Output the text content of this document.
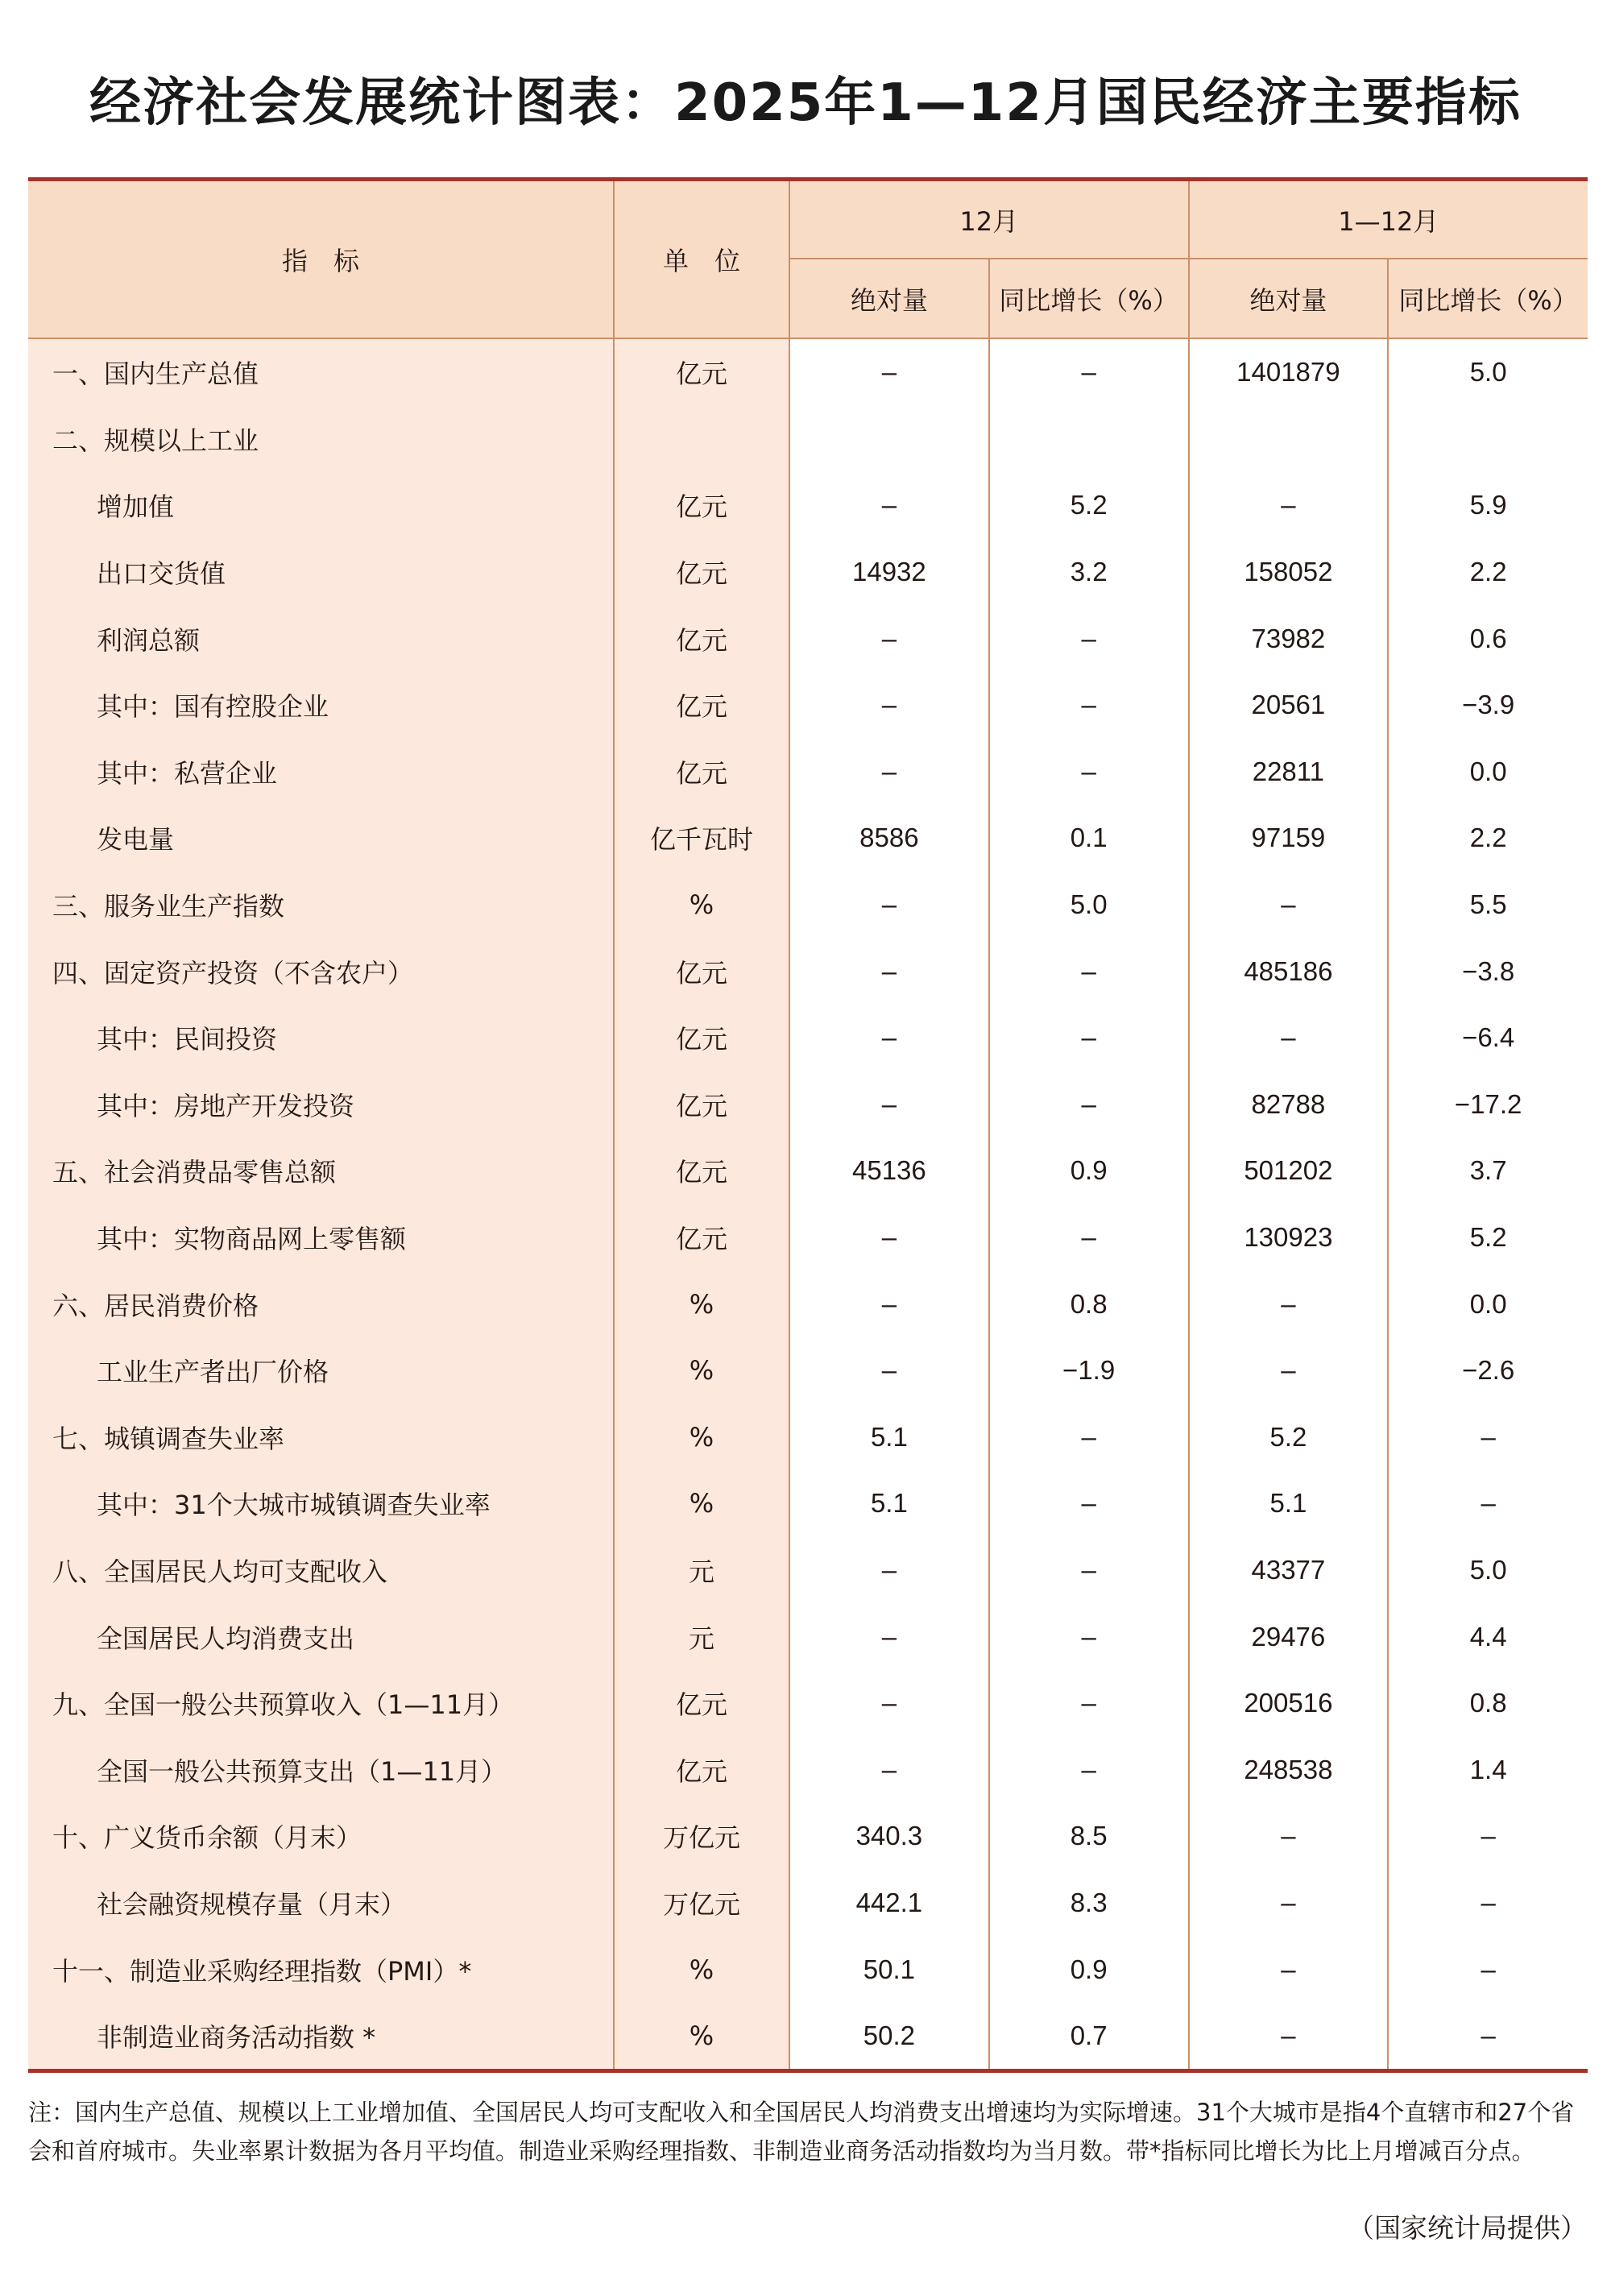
经济社会发展统计图表：2025年1—12月国民经济主要指标
指　标	单　位	12月		1—12月	
		绝对量	同比增长（%）	绝对量	同比增长（%）
一、国内生产总值	亿元	–	–	1401879	5.0
二、规模以上工业					
增加值	亿元	–	5.2	–	5.9
出口交货值	亿元	14932	3.2	158052	2.2
利润总额	亿元	–	–	73982	0.6
其中：国有控股企业	亿元	–	–	20561	−3.9
其中：私营企业	亿元	–	–	22811	0.0
发电量	亿千瓦时	8586	0.1	97159	2.2
三、服务业生产指数	%	–	5.0	–	5.5
四、固定资产投资（不含农户）	亿元	–	–	485186	−3.8
其中：民间投资	亿元	–	–	–	−6.4
其中：房地产开发投资	亿元	–	–	82788	−17.2
五、社会消费品零售总额	亿元	45136	0.9	501202	3.7
其中：实物商品网上零售额	亿元	–	–	130923	5.2
六、居民消费价格	%	–	0.8	–	0.0
工业生产者出厂价格	%	–	−1.9	–	−2.6
七、城镇调查失业率	%	5.1	–	5.2	–
其中：31个大城市城镇调查失业率	%	5.1	–	5.1	–
八、全国居民人均可支配收入	元	–	–	43377	5.0
全国居民人均消费支出	元	–	–	29476	4.4
九、全国一般公共预算收入（1—11月）	亿元	–	–	200516	0.8
全国一般公共预算支出（1—11月）	亿元	–	–	248538	1.4
十、广义货币余额（月末）	万亿元	340.3	8.5	–	–
社会融资规模存量（月末）	万亿元	442.1	8.3	–	–
十一、制造业采购经理指数（PMI）*	%	50.1	0.9	–	–
非制造业商务活动指数 *	%	50.2	0.7	–	–
注：国内生产总值、规模以上工业增加值、全国居民人均可支配收入和全国居民人均消费支出增速均为实际增速。31个大城市是指4个直辖市和27个省会和首府城市。失业率累计数据为各月平均值。制造业采购经理指数、非制造业商务活动指数均为当月数。带*指标同比增长为比上月增减百分点。
（国家统计局提供）
